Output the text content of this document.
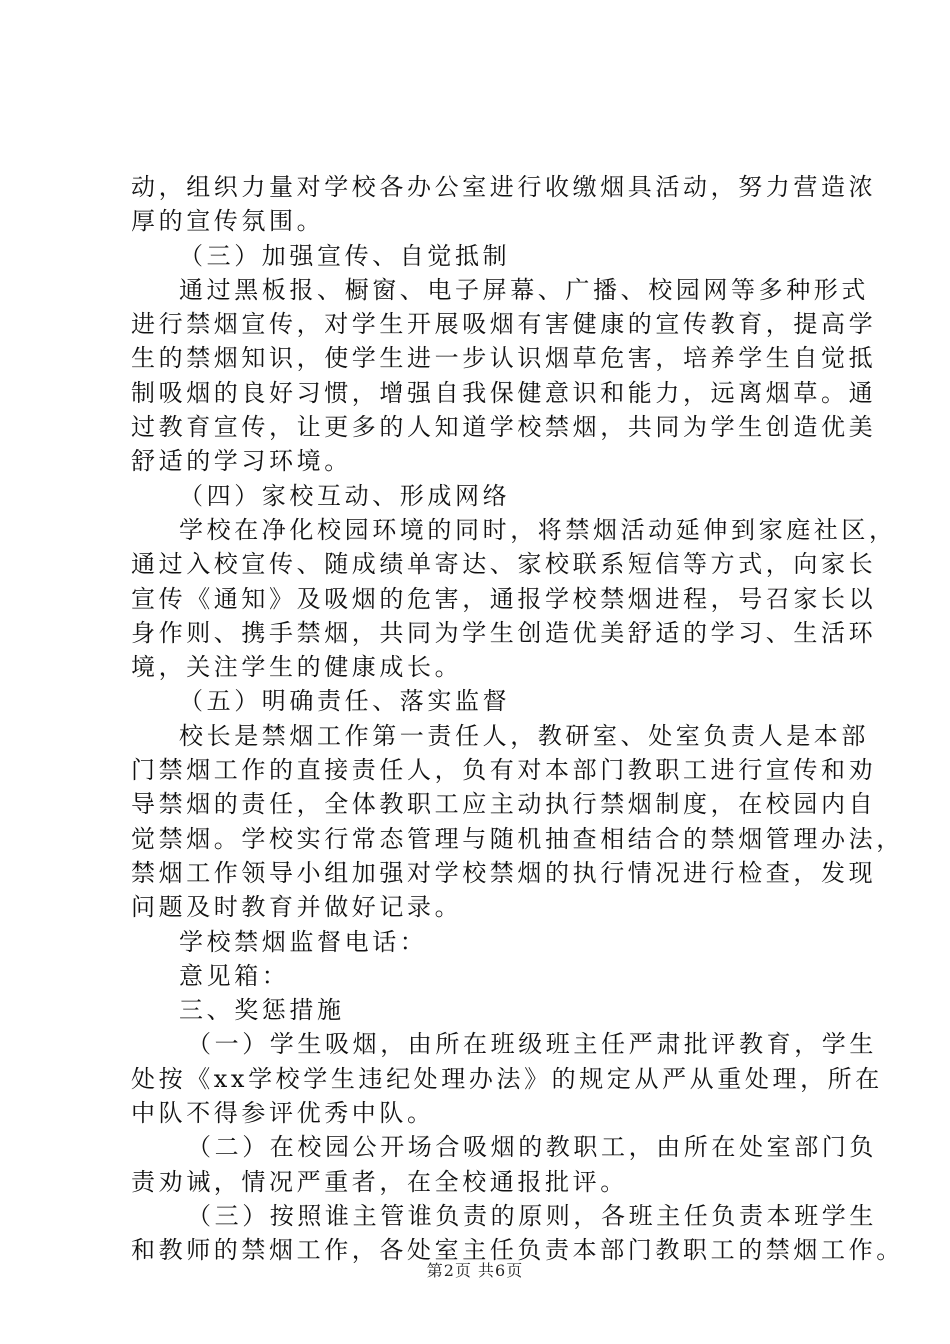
动，组织力量对学校各办公室进行收缴烟具活动，努力营造浓
厚的宣传氛围。
（三）加强宣传、自觉抵制
通过黑板报、橱窗、电子屏幕、广播、校园网等多种形式
进行禁烟宣传，对学生开展吸烟有害健康的宣传教育，提高学
生的禁烟知识，使学生进一步认识烟草危害，培养学生自觉抵
制吸烟的良好习惯，增强自我保健意识和能力，远离烟草。通
过教育宣传，让更多的人知道学校禁烟，共同为学生创造优美
舒适的学习环境。
（四）家校互动、形成网络
学校在净化校园环境的同时，将禁烟活动延伸到家庭社区，
通过入校宣传、随成绩单寄达、家校联系短信等方式，向家长
宣传《通知》及吸烟的危害，通报学校禁烟进程，号召家长以
身作则、携手禁烟，共同为学生创造优美舒适的学习、生活环
境，关注学生的健康成长。
（五）明确责任、落实监督
校长是禁烟工作第一责任人，教研室、处室负责人是本部
门禁烟工作的直接责任人，负有对本部门教职工进行宣传和劝
导禁烟的责任，全体教职工应主动执行禁烟制度，在校园内自
觉禁烟。学校实行常态管理与随机抽查相结合的禁烟管理办法，
禁烟工作领导小组加强对学校禁烟的执行情况进行检查，发现
问题及时教育并做好记录。
学校禁烟监督电话：
意见箱：
三、奖惩措施
（一）学生吸烟，由所在班级班主任严肃批评教育，学生
处按《xx学校学生违纪处理办法》的规定从严从重处理，所在
中队不得参评优秀中队。
（二）在校园公开场合吸烟的教职工，由所在处室部门负
责劝诫，情况严重者，在全校通报批评。
（三）按照谁主管谁负责的原则，各班主任负责本班学生
和教师的禁烟工作，各处室主任负责本部门教职工的禁烟工作。
第2页 共6页
